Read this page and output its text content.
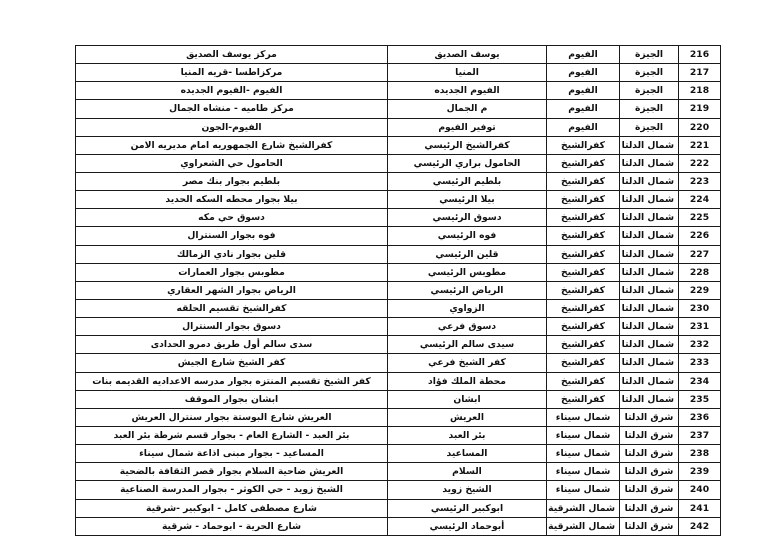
216	الجيزة	الفيوم	يوسف الصديق	مركز يوسف الصديق
217	الجيزة	الفيوم	المنيا	مركزاطسا -قريه المنيا
218	الجيزة	الفيوم	الفيوم الجديده	الفيوم -الفيوم الجديده
219	الجيزة	الفيوم	م الجمال	مركز طاميه - منشاه الجمال
220	الجيزة	الفيوم	توفير الفيوم	الفيوم-الجون
221	شمال الدلتا	كفرالشيخ	كفرالشيخ الرئيسي	كفرالشيخ شارع الجمهوريه امام مديريه الامن
222	شمال الدلتا	كفرالشيخ	الحامول براري الرئيسي	الحامول حي الشعراوي
223	شمال الدلتا	كفرالشيخ	بلطيم الرئيسي	بلطيم بجوار بنك مصر
224	شمال الدلتا	كفرالشيخ	بيلا الرئيسي	بيلا بجوار محطه السكه الحديد
225	شمال الدلتا	كفرالشيخ	دسوق الرئيسي	دسوق حي مكه
226	شمال الدلتا	كفرالشيخ	فوه الرئيسي	فوه بجوار السنترال
227	شمال الدلتا	كفرالشيخ	قلين الرئيسي	قلين بجوار نادي الزمالك
228	شمال الدلتا	كفرالشيخ	مطوبس الرئيسي	مطوبس بجوار العمارات
229	شمال الدلتا	كفرالشيخ	الرياض الرئيسي	الرياض بجوار الشهر العقاري
230	شمال الدلتا	كفرالشيخ	الزواوي	كفرالشيخ تقسيم الحلقه
231	شمال الدلتا	كفرالشيخ	دسوق فرعي	دسوق بجوار السنترال
232	شمال الدلتا	كفرالشيخ	سيدى سالم الرئيسي	سدى سالم أول طريق دمرو الحدادى
233	شمال الدلتا	كفرالشيخ	كفر الشيخ فرعي	كفر الشيخ شارع الجيش
234	شمال الدلتا	كفرالشيخ	محطة الملك فؤاد	كفر الشيخ تقسيم المنتزه بجوار مدرسه الاعداديه القديمه بنات
235	شمال الدلتا	كفرالشيخ	ابشان	ابشان بجوار الموقف
236	شرق الدلتا	شمال سيناء	العريش	العريش شارع البوستة بجوار سنترال العريش
237	شرق الدلتا	شمال سيناء	بئر العبد	بئر العبد - الشارع العام - بجوار قسم شرطة بئر العبد
238	شرق الدلتا	شمال سيناء	المساعيد	المساعيد - بجوار مبنى اذاعة شمال سيناء
239	شرق الدلتا	شمال سيناء	السلام	العريش ضاحية السلام بجوار قصر الثقافة بالضحية
240	شرق الدلتا	شمال سيناء	الشيخ زويد	الشيخ زويد - حي الكوثر - بجوار المدرسة الصناعية
241	شرق الدلتا	شمال الشرقية	ابوكبير الرئيسي	شارع مصطفى كامل - ابوكبير -شرقية
242	شرق الدلتا	شمال الشرقية	أبوحماد الرئيسي	شارع الحرية - ابوحماد - شرقية
